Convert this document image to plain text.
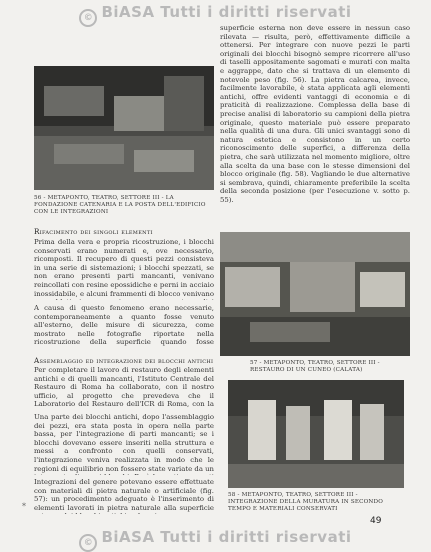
© BiASA Tutti i diritti riservati
56 - METAPONTO, TEATRO, SETTORE III - LA FONDAZIONE CATENARIA E LA POSTA DELL'EDIFICIO CON LE INTEGRAZIONI
Rifacimento dei singoli elementi

Prima della vera e propria ricostruzione, i blocchi conservati erano numerati e, ove necessario, ricomposti. Il recupero di questi pezzi consisteva in una serie di sistemazioni; i blocchi spezzati, se non erano presenti parti mancanti, venivano reincollati con resine epossidiche e perni in acciaio inossidabile, e alcuni frammenti di blocco venivano

A causa di questo fenomeno erano necessarie, contemporaneamente a quanto fosse venuto all'esterno, delle misure di sicurezza, come mostrato nelle fotografie riportate nella ricostruzione della superficie quando fosse

Assemblaggio ed integrazione dei blocchi antichi

Per completare il lavoro di restauro degli elementi antichi e di quelli mancanti, l'Istituto Centrale del Restauro di Roma ha collaborato, con il nostro ufficio, al progetto che prevedeva che il Laboratorio del Restauro dell'ICR di Roma, con la

Una parte dei blocchi antichi, dopo l'assemblaggio dei pezzi, era stata posta in opera nella parte bassa, per l'integrazione di parti mancanti; se i blocchi dovevano essere inseriti nella struttura e messi a confronto con quelli conservati, l'integrazione veniva realizzata in modo che le regioni di equilibrio non fossero state variate da un

Integrazioni del genere potevano essere effettuate con materiali di pietra naturale o artificiale (fig. 57): un procedimento adeguato è l'inserimento di elementi lavorati in pietra naturale alla superficie

superficie esterna non deve essere in nessun caso rilevata — risulta, però, effettivamente difficile a ottenersi. Per integrare con nuove pezzi le parti originali dei blocchi bisognò sempre ricorrere all'uso di taselli appositamente sagomati e murati con malta e aggrappe, dato che si trattava di un elemento di notevole peso (fig. 56). La pietra calcarea, invece, facilmente lavorabile, è stata applicata agli elementi antichi, offre evidenti vantaggi di economia e di praticità di realizzazione. Complessa della base di precise analisi di laboratorio su campioni della pietra originale, questo materiale può essere preparato nella qualità di una dura. Gli unici svantaggi sono di natura estetica e consistono in un certo riconoscimento delle superfici, a differenza della pietra, che sarà utilizzata nel momento migliore, oltre alla scelta da una base con le stesse dimensioni del blocco originale (fig. 58). Vagliando le due alternative si sembrava, quindi, chiaramente preferibile la scelta della seconda posizione (per l'esecuzione v. sotto p. 55).

57 - METAPONTO, TEATRO, SETTORE III - RESTAURO DI UN CUNEO (CALATA)
58 - METAPONTO, TEATRO, SETTORE III - INTEGRAZIONE DELLA MURATURA IN SECONDO TEMPO E MATERIALI CONSERVATI
*
49
© BiASA Tutti i diritti riservati
